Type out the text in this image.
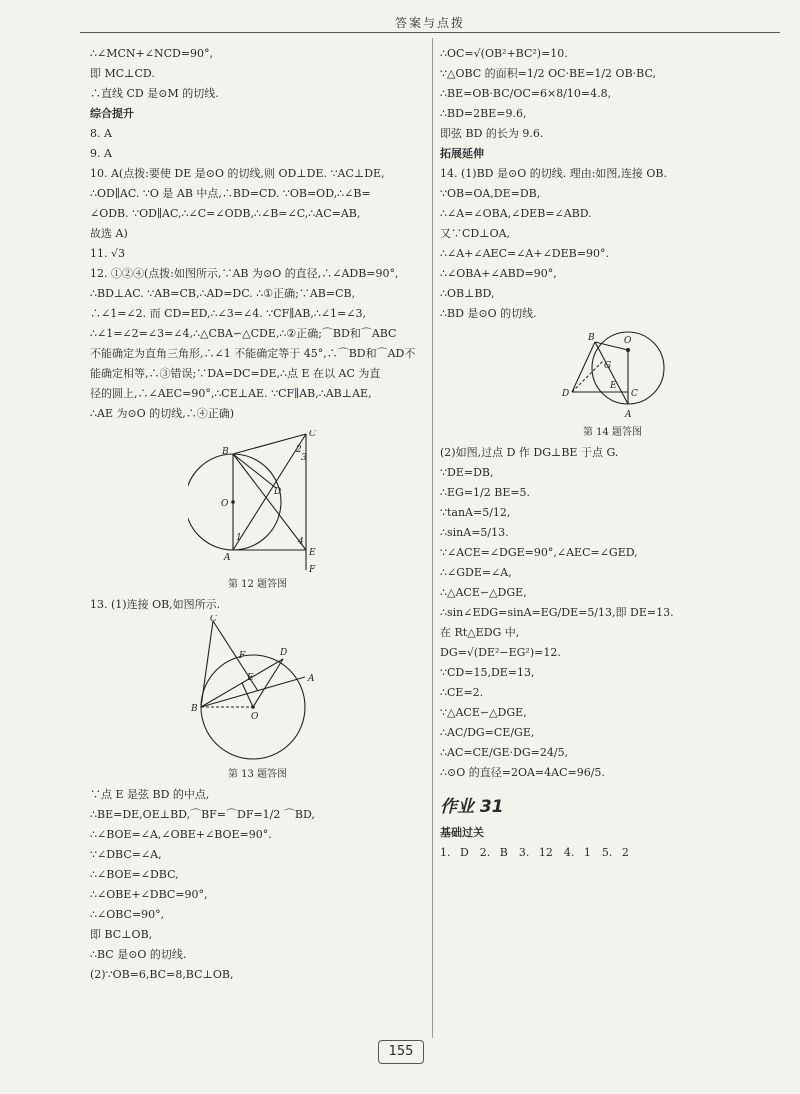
答案与点拨
∴∠MCN+∠NCD=90°,
即 MC⊥CD.
∴直线 CD 是⊙M 的切线.
综合提升
8. A
9. A
10. A(点拨:要使 DE 是⊙O 的切线,则 OD⊥DE. ∵AC⊥DE,
∴OD∥AC. ∵O 是 AB 中点,∴BD=CD. ∵OB=OD,∴∠B=
∠ODB. ∵OD∥AC,∴∠C=∠ODB,∴∠B=∠C,∴AC=AB,
故选 A)
11. √3
12. ①②④(点拨:如图所示,∵AB 为⊙O 的直径,∴∠ADB=90°,
∴BD⊥AC. ∵AB=CB,∴AD=DC. ∴①正确;∵AB=CB,
∴∠1=∠2. 而 CD=ED,∴∠3=∠4. ∵CF∥AB,∴∠1=∠3,
∴∠1=∠2=∠3=∠4,∴△CBA∽△CDE,∴②正确;⌒BD和⌒ABC
不能确定为直角三角形,∴∠1 不能确定等于 45°,∴⌒BD和⌒AD不
能确定相等,∴③错误;∵DA=DC=DE,∴点 E 在以 AC 为直
径的圆上,∴∠AEC=90°,∴CE⊥AE. ∵CF∥AB,∴AB⊥AE,
∴AE 为⊙O 的切线,∴④正确)
B
C
O
D
A	E
F
1
2
3
4
第 12 题答图
13. (1)连接 OB,如图所示.
C
F	D
E	A
B
O
第 13 题答图
∵点 E 是弦 BD 的中点,
∴BE=DE,OE⊥BD,⌒BF=⌒DF=1/2 ⌒BD,
∴∠BOE=∠A,∠OBE+∠BOE=90°.
∵∠DBC=∠A,
∴∠BOE=∠DBC,
∴∠OBE+∠DBC=90°,
∴∠OBC=90°,
即 BC⊥OB,
∴BC 是⊙O 的切线.
(2)∵OB=6,BC=8,BC⊥OB,
∴OC=√(OB²+BC²)=10.
∵△OBC 的面积=1/2 OC·BE=1/2 OB·BC,
∴BE=OB·BC/OC=6×8/10=4.8,
∴BD=2BE=9.6,
即弦 BD 的长为 9.6.
拓展延伸
14. (1)BD 是⊙O 的切线. 理由:如图,连接 OB.
∵OB=OA,DE=DB,
∴∠A=∠OBA,∠DEB=∠ABD.
又∵CD⊥OA,
∴∠A+∠AEC=∠A+∠DEB=90°.
∴∠OBA+∠ABD=90°,
∴OB⊥BD,
∴BD 是⊙O 的切线.
B	O
G
D
E
C
A
第 14 题答图
(2)如图,过点 D 作 DG⊥BE 于点 G.
∵DE=DB,
∴EG=1/2 BE=5.
∵tanA=5/12,
∴sinA=5/13.
∵∠ACE=∠DGE=90°,∠AEC=∠GED,
∴∠GDE=∠A,
∴△ACE∽△DGE,
∴sin∠EDG=sinA=EG/DE=5/13,即 DE=13.
在 Rt△EDG 中,
DG=√(DE²−EG²)=12.
∵CD=15,DE=13,
∴CE=2.
∵△ACE∽△DGE,
∴AC/DG=CE/GE,
∴AC=CE/GE·DG=24/5,
∴⊙O 的直径=2OA=4AC=96/5.
作业 31
基础过关
1. D　2. B　3. 12　4. 1　5. 2
155
